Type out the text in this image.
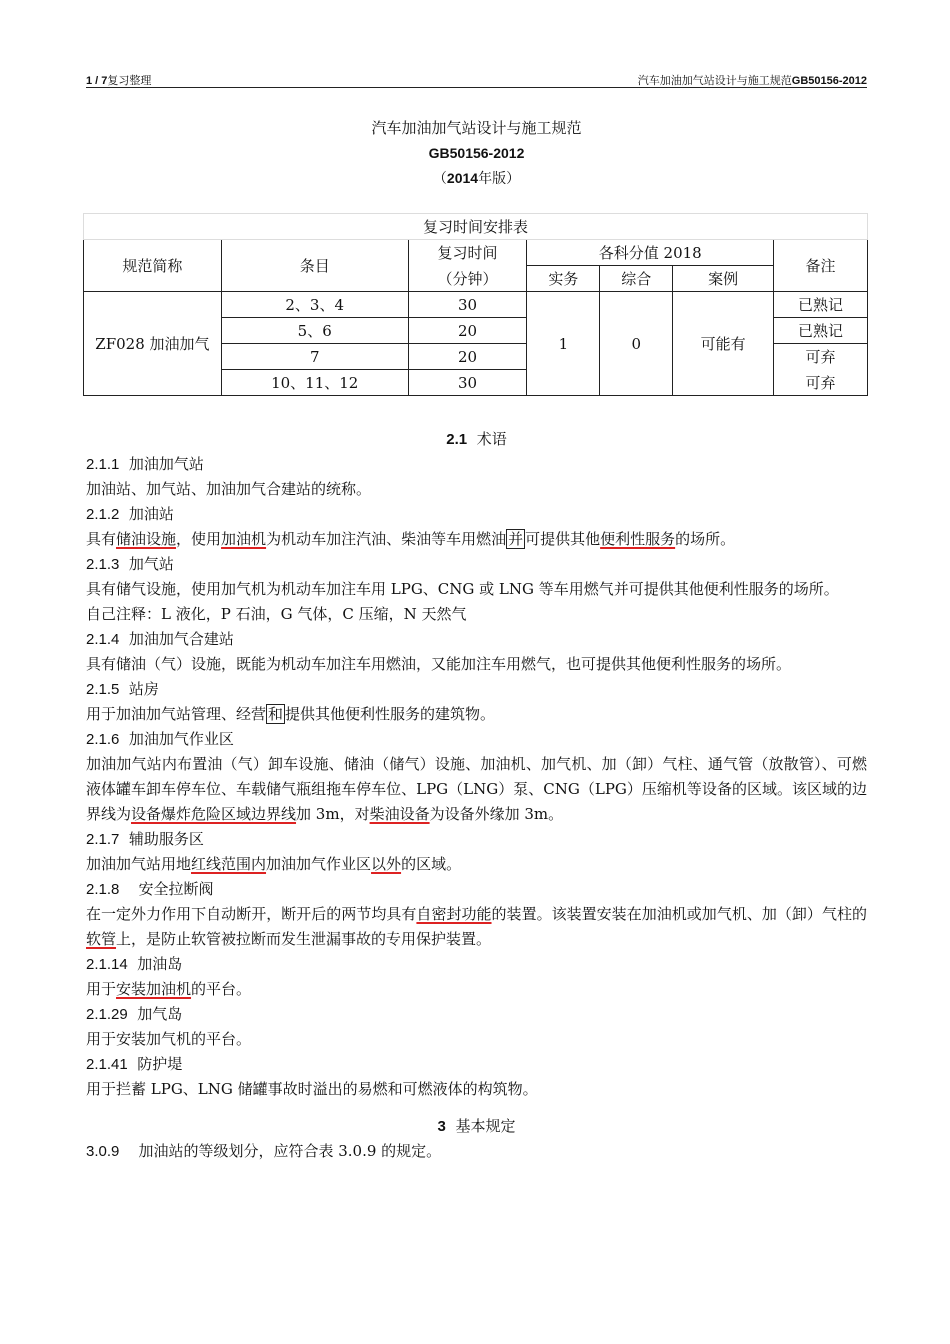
1 / 7复习整理	汽车加油加气站设计与施工规范GB50156-2012
汽车加油加气站设计与施工规范
GB50156-2012
（2014年版）
复习时间安排表						
规范简称	条目	复习时间	各科分值 2018			备注
		（分钟）	实务	综合	案例	
ZF028 加油加气	2、3、4	30	1	0	可能有	已熟记
	5、6	20				已熟记
	7	20				可弃
	10、11、12	30				可弃
2.1 术语
2.1.1 加油加气站
加油站、加气站、加油加气合建站的统称。
2.1.2 加油站
具有储油设施，使用加油机为机动车加注汽油、柴油等车用燃油 并 可提供其他便利性服务的场所。
2.1.3 加气站
具有储气设施，使用加气机为机动车加注车用 LPG、CNG 或 LNG 等车用燃气并可提供其他便利性服务的场所。
自己注释：L 液化，P 石油，G 气体，C 压缩，N 天然气
2.1.4 加油加气合建站
具有储油（气）设施，既能为机动车加注车用燃油，又能加注车用燃气，也可提供其他便利性服务的场所。
2.1.5 站房
用于加油加气站管理、经营 和 提供其他便利性服务的建筑物。
2.1.6 加油加气作业区
加油加气站内布置油（气）卸车设施、储油（储气）设施、加油机、加气机、加（卸）气柱、通气管（放散管）、可燃液体罐车卸车停车位、车载储气瓶组拖车停车位、LPG（LNG）泵、CNG（LPG）压缩机等设备的区域。该区域的边界线为设备爆炸危险区域边界线加 3m，对柴油设备为设备外缘加 3m。
2.1.7 辅助服务区
加油加气站用地红线范围内加油加气作业区以外的区域。
2.1.8 安全拉断阀
在一定外力作用下自动断开，断开后的两节均具有自密封功能的装置。该装置安装在加油机或加气机、加（卸）气柱的软管上，是防止软管被拉断而发生泄漏事故的专用保护装置。
2.1.14 加油岛
用于安装加油机的平台。
2.1.29 加气岛
用于安装加气机的平台。
2.1.41 防护堤
用于拦蓄 LPG、LNG 储罐事故时溢出的易燃和可燃液体的构筑物。
3 基本规定
3.0.9 加油站的等级划分，应符合表 3.0.9 的规定。
